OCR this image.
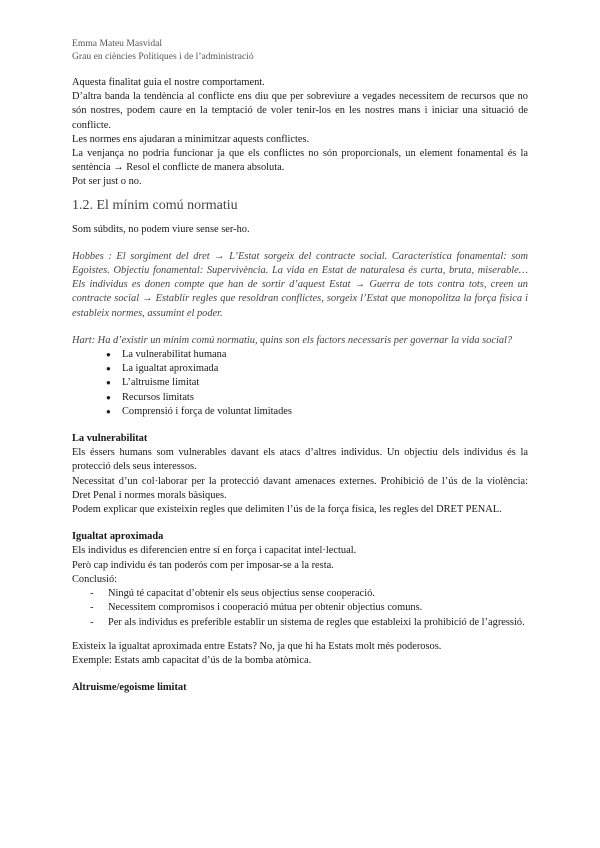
Emma Mateu Masvidal
Grau en ciències Polítiques i de l’administració

Aquesta finalitat guia el nostre comportament.

D’altra banda la tendència al conflicte ens diu que per sobreviure a vegades necessitem de recursos que no són nostres, podem caure en la temptació de voler tenir-los en les nostres mans i iniciar una situació de conflicte.

Les normes ens ajudaran a minimitzar aquests conflictes.

La venjança no podria funcionar ja que els conflictes no són proporcionals, un element fonamental és la sentència → Resol el conflicte de manera absoluta.

Pot ser just o no.

1.2. El mínim comú normatiu

Som súbdits, no podem viure sense ser-ho.

Hobbes : El sorgiment del dret → L’Estat sorgeix del contracte social. Característica fonamental: som Egoistes. Objectiu fonamental: Supervivència. La vida en Estat de naturalesa és curta, bruta, miserable… Els individus es donen compte que han de sortir d’aquest Estat → Guerra de tots contra tots, creen un contracte social → Establir regles que resoldran conflictes, sorgeix l’Estat que monopolitza la força física i estableix normes, assumint el poder.

Hart: Ha d’existir un mínim comú normatiu, quins son els factors necessaris per governar la vida social?

● La vulnerabilitat humana
● La igualtat aproximada
● L’altruisme limitat
● Recursos limitats
● Comprensió i força de voluntat limitades
La vulnerabilitat

Els éssers humans som vulnerables davant els atacs d’altres individus. Un objectiu dels individus és la protecció dels seus interessos.

Necessitat d’un col·laborar per la protecció davant amenaces externes. Prohibició de l’ús de la violència: Dret Penal i normes morals bàsiques.

Podem explicar que existeixin regles que delimiten l’ús de la força física, les regles del DRET PENAL.

Igualtat aproximada

Els individus es diferencien entre sí en força i capacitat intel·lectual.

Però cap individu és tan poderós com per imposar-se a la resta.

Conclusió:

- Ningú té capacitat d’obtenir els seus objectius sense cooperació.
- Necessitem compromisos i cooperació mútua per obtenir objectius comuns.
- Per als individus es preferible establir un sistema de regles que estableixi la prohibició de l’agressió.

Existeix la igualtat aproximada entre Estats? No, ja que hi ha Estats molt més poderosos.

Exemple: Estats amb capacitat d’ús de la bomba atòmica.

Altruisme/egoisme limitat
